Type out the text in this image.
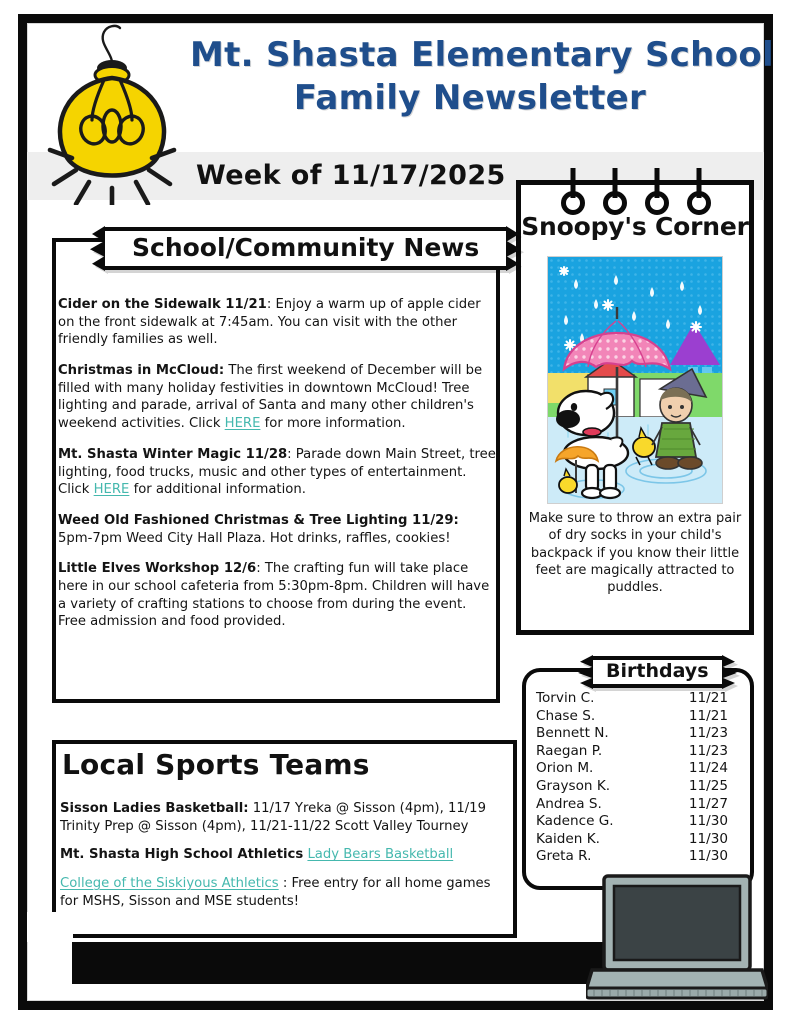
Mt. Shasta Elementary School
Family Newsletter
Week of 11/17/2025
School/Community News
Cider on the Sidewalk 11/21: Enjoy a warm up of apple cider on the front sidewalk at 7:45am. You can visit with the other friendly families as well.
Christmas in McCloud: The first weekend of December will be filled with many holiday festivities in downtown McCloud! Tree lighting and parade, arrival of Santa and many other children's weekend activities. Click HERE for more information.
Mt. Shasta Winter Magic 11/28: Parade down Main Street, tree lighting, food trucks, music and other types of entertainment. Click HERE for additional information.
Weed Old Fashioned Christmas & Tree Lighting 11/29: 5pm-7pm Weed City Hall Plaza. Hot drinks, raffles, cookies!
Little Elves Workshop 12/6: The crafting fun will take place here in our school cafeteria from 5:30pm-8pm. Children will have a variety of crafting stations to choose from during the event. Free admission and food provided.
Local Sports Teams
Sisson Ladies Basketball: 11/17 Yreka @ Sisson (4pm), 11/19 Trinity Prep @ Sisson (4pm), 11/21-11/22 Scott Valley Tourney
Mt. Shasta High School Athletics Lady Bears Basketball
College of the Siskiyous Athletics : Free entry for all home games for MSHS, Sisson and MSE students!
Snoopy's Corner
Make sure to throw an extra pair of dry socks in your child's backpack if you know their little feet are magically attracted to puddles.
Birthdays
Torvin C.	11/21
Chase S.	11/21
Bennett N.	11/23
Raegan P.	11/23
Orion M.	11/24
Grayson K.	11/25
Andrea S.	11/27
Kadence G.	11/30
Kaiden K.	11/30
Greta R.	11/30
